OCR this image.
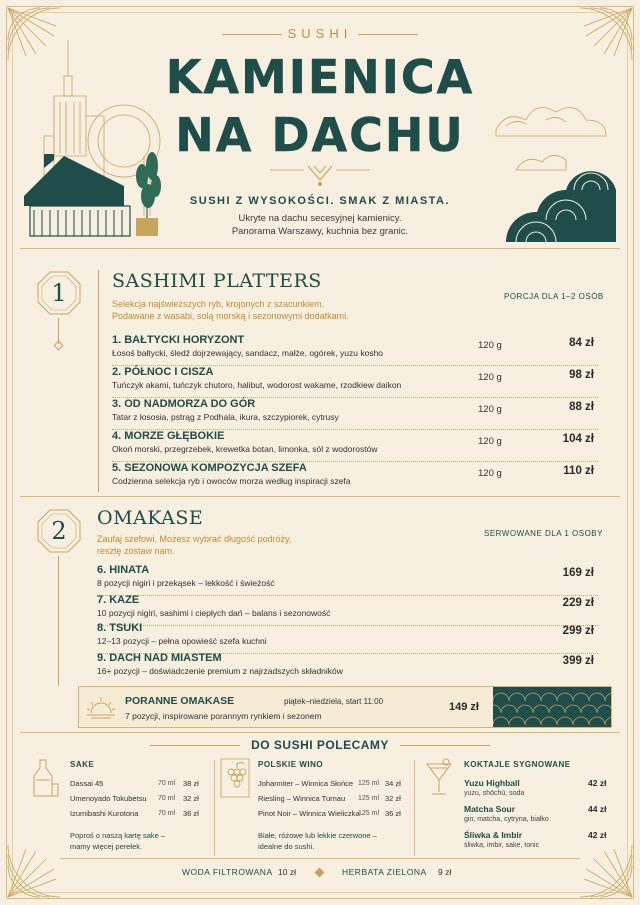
SUSHI
KAMIENICA
NA DACHU
SUSHI Z WYSOKOŚCI. SMAK Z MIASTA.
Ukryte na dachu secesyjnej kamienicy.
Panorama Warszawy, kuchnia bez granic.
1	SASHIMI PLATTERS
Selekcja najświeższych ryb, krojonych z szacunkiem.
Podawane z wasabi, solą morską i sezonowymi dodatkami.
PORCJA DLA 1–2 OSÓB
1. BAŁTYCKI HORYZONT
Łosoś bałtycki, śledź dojrzewający, sandacz, małże, ogórek, yuzu kosho
120 g	84 zł
2. PÓŁNOC I CISZA
Tuńczyk akami, tuńczyk chutoro, halibut, wodorost wakame, rzodkiew daikon
120 g	98 zł
3. OD NADMORZA DO GÓR
Tatar z łososia, pstrąg z Podhala, ikura, szczypiorek, cytrusy
120 g	88 zł
4. MORZE GŁĘBOKIE
Okoń morski, przegrzebek, krewetka botan, limonka, sól z wodorostów
120 g	104 zł
5. SEZONOWA KOMPOZYCJA SZEFA
Codzienna selekcja ryb i owoców morza według inspiracji szefa
120 g	110 zł
2	OMAKASE
Zaufaj szefowi. Możesz wybrać długość podróży,
resztę zostaw nam.
SERWOWANE DLA 1 OSOBY
6. HINATA
8 pozycji nigiri i przekąsek – lekkość i świeżość
169 zł
7. KAZE
10 pozycji nigiri, sashimi i ciepłych dań – balans i sezonowość
229 zł
8. TSUKI
12–13 pozycji – pełna opowieść szefa kuchni
299 zł
9. DACH NAD MIASTEM
16+ pozycji – doświadczenie premium z najrzadszych składników
399 zł
PORANNE OMAKASE	piątek–niedziela, start 11:00
7 pozycji, inspirowane porannym rynkiem i sezonem
149 zł
DO SUSHI POLECAMY
SAKE
Dassai 45	70 ml 38 zł
Umenoyado Tokubetsu 70 ml 32 zł
Izumibashi Kurotona	70 ml 36 zł
Poproś o naszą kartę sake –
mamy więcej perełek.
POLSKIE WINO
Johanniter – Winnica Słońce 125 ml 34 zł
Riesling – Winnica Turnau 125 ml 32 zł
Pinot Noir – Winnica Wieliczka
125 ml 36 zł
Białe, różowe lub lekkie czerwone –
idealne do sushi.
KOKTAJLE SYGNOWANE
Yuzu Highball
yuzu, shōchū, soda
42 zł
Matcha Sour
gin, matcha, cytryna, białko
44 zł
Śliwka & Imbir
śliwka, imbir, sake, tonic
42 zł
WODA FILTROWANA 10 zł	HERBATA ZIELONA 9 zł
